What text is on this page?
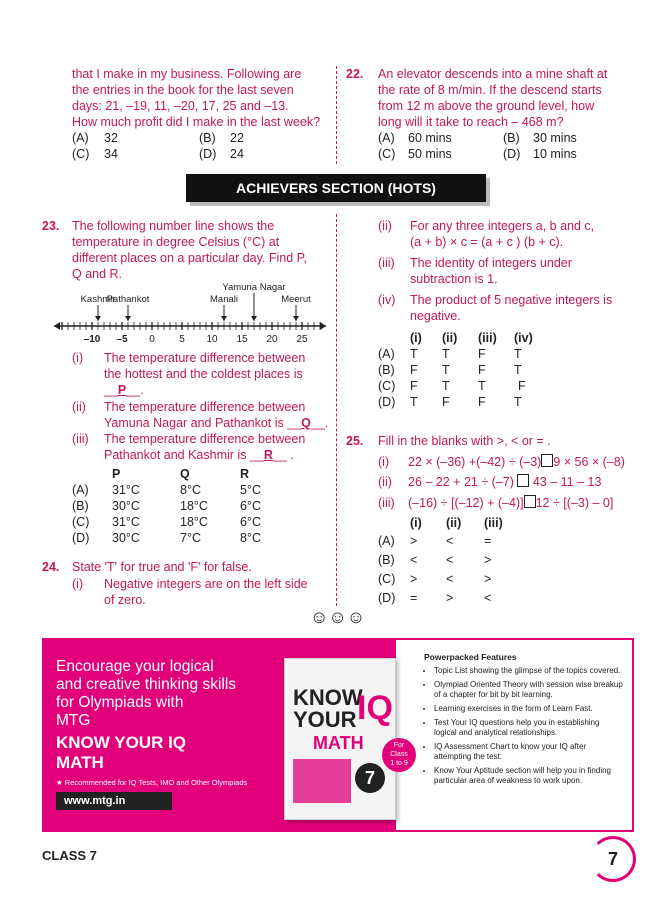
that I make in my business. Following are
the entries in the book for the last seven
days: 21, –19, 11, –20, 17, 25 and –13.
How much profit did I make in the last week?
(A) 32	(B) 22
(C) 34	(D) 24
22. An elevator descends into a mine shaft at
the rate of 8 m/min. If the descend starts
from 12 m above the ground level, how
long will it take to reach – 468 m?
(A) 60 mins	(B) 30 mins
(C) 50 mins	(D) 10 mins
ACHIEVERS SECTION (HOTS)
23. The following number line shows the
temperature in degree Celsius (°C) at
different places on a particular day. Find P,
Q and R.
–10 –5 0 5 10 15 20 25
Kashmir
Pathankot	Manali
Yamuna Nagar
Meerut
(i) The temperature difference between
the hottest and the coldest places is
__P__.
(ii) The temperature difference between
Yamuna Nagar and Pathankot is __Q__.
(iii) The temperature difference between
Pathankot and Kashmir is __R__ .
	P	Q	R
(A)	31°C	8°C	5°C
(B)	30°C	18°C	6°C
(C)	31°C	18°C	6°C
(D)	30°C	7°C	8°C
24. State 'T' for true and 'F' for false.
(i) Negative integers are on the left side
of zero.
(ii) For any three integers a, b and c,
(a + b) × c = (a + c ) (b + c).
(iii) The identity of integers under
subtraction is 1.
(iv) The product of 5 negative integers is
negative.
	(i)	(ii)	(iii)	(iv)
(A)	T	T	F	T
(B)	F	T	F	T
(C)	F	T	T	F
(D)	T	F	F	T
25. Fill in the blanks with >, < or = .
(i) 22 × (–36) +(–42) ÷ (–3) 9 × 56 × (–8)
(ii) 26 – 22 + 21 ÷ (–7) 43 – 11 – 13
(iii) (–16) ÷ [(–12) + (–4)] 12 ÷ [(–3) – 0]
	(i)	(ii)	(iii)
(A)	>	<	=
(B)	<	<	>
(C)	>	<	>
(D)	=	>	<
☺☺☺
Encourage your logical
and creative thinking skills
for Olympiads with
MTG
KNOW YOUR IQ
MATH
★ Recommended for IQ Tests, IMO and Other Olympiads
www.mtg.in
KNOW
YOUR IQ
MATH
7
For
Class
1 to 9
Powerpacked Features
• Topic List showing the glimpse of the topics covered.
• Olympiad Oriented Theory with session wise breakup of a chapter for bit by bit learning.
• Learning exercises in the form of Learn Fast.
• Test Your IQ questions help you in establishing logical and analytical relationships.
• IQ Assessment Chart to know your IQ after attempting the test.
• Know Your Aptitude section will help you in finding particular area of weakness to work upon.
CLASS 7	7
